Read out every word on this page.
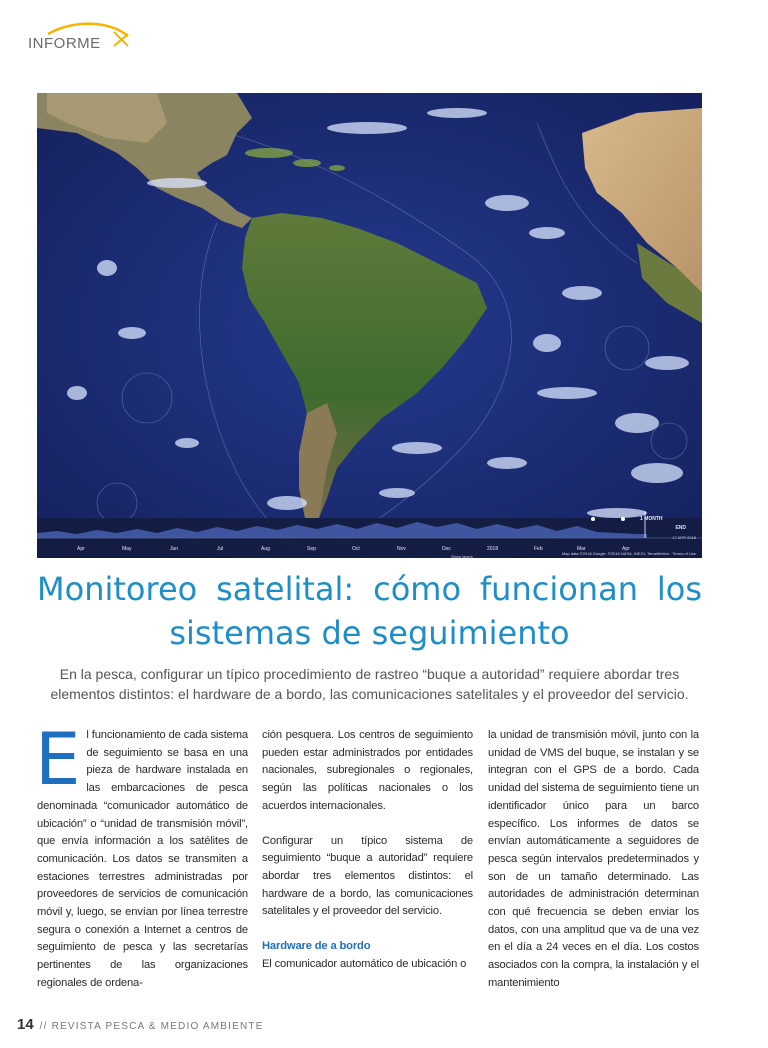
INFORME
1 MONTH
END
17 APR 2018
Apr	May	Jun	Jul	Aug	Sep	Oct	Nov	Dec	2018	Feb	Mar	Apr
Show layers
Map data ©2018 Google, ©2018 NASA, INEGI, TerraMetrics · Terms of Use
Monitoreo satelital: cómo funcionan los
sistemas de seguimiento

En la pesca, configurar un típico procedimiento de rastreo “buque a autoridad” requiere abordar tres elementos distintos: el hardware de a bordo, las comunicaciones satelitales y el proveedor del servicio.

E l funcionamiento de cada sistema de seguimiento se basa en una pieza de hardware instalada en las embarcaciones de pesca denominada “comunicador automático de ubicación” o “unidad de transmisión móvil”, que envía información a los satélites de comunicación. Los datos se transmiten a estaciones terrestres administradas por proveedores de servicios de comunicación móvil y, luego, se envían por línea terrestre segura o conexión a Internet a centros de seguimiento de pesca y las secretarías pertinentes de las organizaciones regionales de ordena-
ción pesquera. Los centros de seguimiento pueden estar administrados por entidades nacionales, subregionales o regionales, según las políticas nacionales o los acuerdos internacionales.
Configurar un típico sistema de seguimiento “buque a autoridad” requiere abordar tres elementos distintos: el hardware de a bordo, las comunicaciones satelitales y el proveedor del servicio.
Hardware de a bordo
El comunicador automático de ubicación o
la unidad de transmisión móvil, junto con la unidad de VMS del buque, se instalan y se integran con el GPS de a bordo. Cada unidad del sistema de seguimiento tiene un identificador único para un barco específico. Los informes de datos se envían automáticamente a seguidores de pesca según intervalos predeterminados y son de un tamaño determinado. Las autoridades de administración determinan con qué frecuencia se deben enviar los datos, con una amplitud que va de una vez en el día a 24 veces en el día. Los costos asociados con la compra, la instalación y el mantenimiento
14 // REVISTA PESCA & MEDIO AMBIENTE
